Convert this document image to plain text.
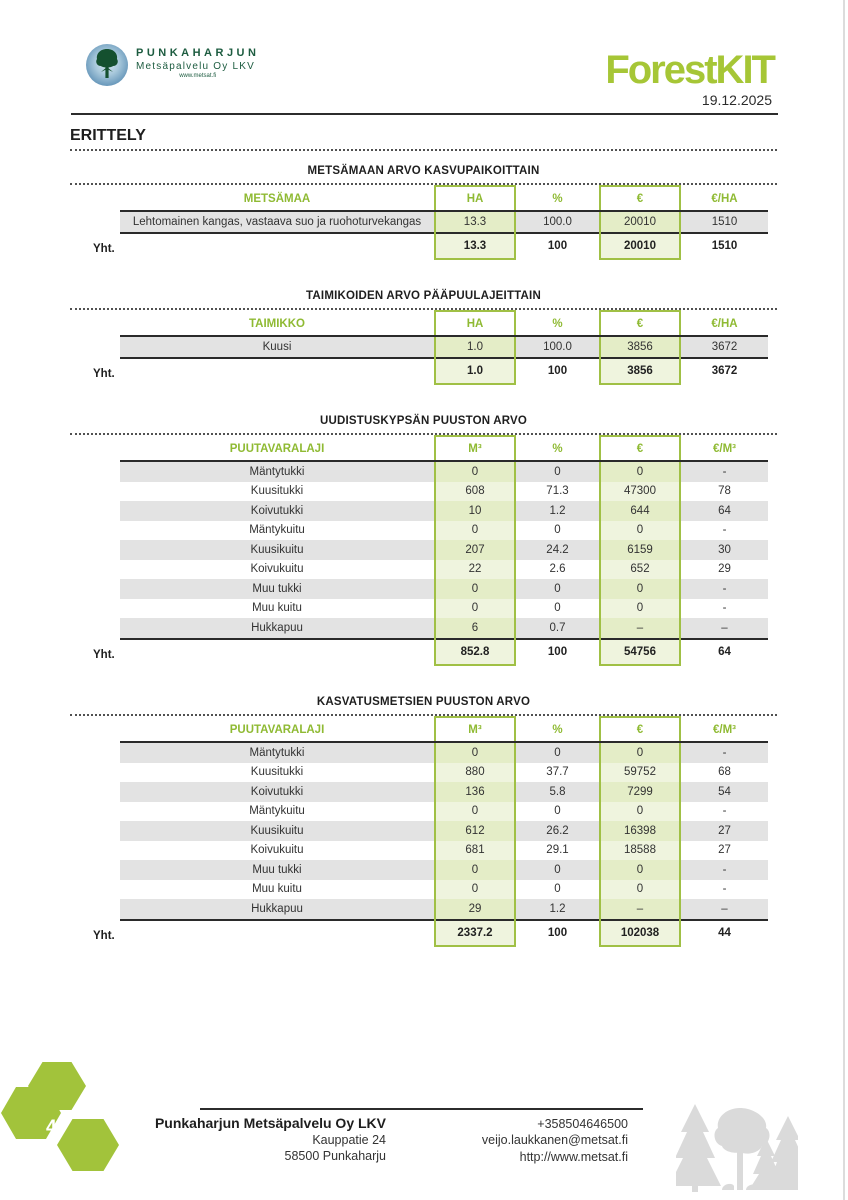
PUNKAHARJUN
Metsäpalvelu Oy LKV
www.metsat.fi	ForestKIT
19.12.2025
ERITTELY
METSÄMAAN ARVO KASVUPAIKOITTAIN
Yht.
METSÄMAA	HA	%	€	€/HA
Lehtomainen kangas, vastaava suo ja ruohoturvekangas	13.3	100.0	20010	1510
	13.3	100	20010	1510
TAIMIKOIDEN ARVO PÄÄPUULAJEITTAIN
Yht.
TAIMIKKO	HA	%	€	€/HA
Kuusi	1.0	100.0	3856	3672
	1.0	100	3856	3672
UUDISTUSKYPSÄN PUUSTON ARVO
Yht.
PUUTAVARALAJI	M³	%	€	€/M³
Mäntytukki	0	0	0	-
Kuusitukki	608	71.3	47300	78
Koivutukki	10	1.2	644	64
Mäntykuitu	0	0	0	-
Kuusikuitu	207	24.2	6159	30
Koivukuitu	22	2.6	652	29
Muu tukki	0	0	0	-
Muu kuitu	0	0	0	-
Hukkapuu	6	0.7	–	–
	852.8	100	54756	64
KASVATUSMETSIEN PUUSTON ARVO
Yht.
PUUTAVARALAJI	M³	%	€	€/M³
Mäntytukki	0	0	0	-
Kuusitukki	880	37.7	59752	68
Koivutukki	136	5.8	7299	54
Mäntykuitu	0	0	0	-
Kuusikuitu	612	26.2	16398	27
Koivukuitu	681	29.1	18588	27
Muu tukki	0	0	0	-
Muu kuitu	0	0	0	-
Hukkapuu	29	1.2	–	–
	2337.2	100	102038	44
4	Punkaharjun Metsäpalvelu Oy LKV
Kauppatie 24
58500 Punkaharju
+358504646500
veijo.laukkanen@metsat.fi
http://www.metsat.fi
